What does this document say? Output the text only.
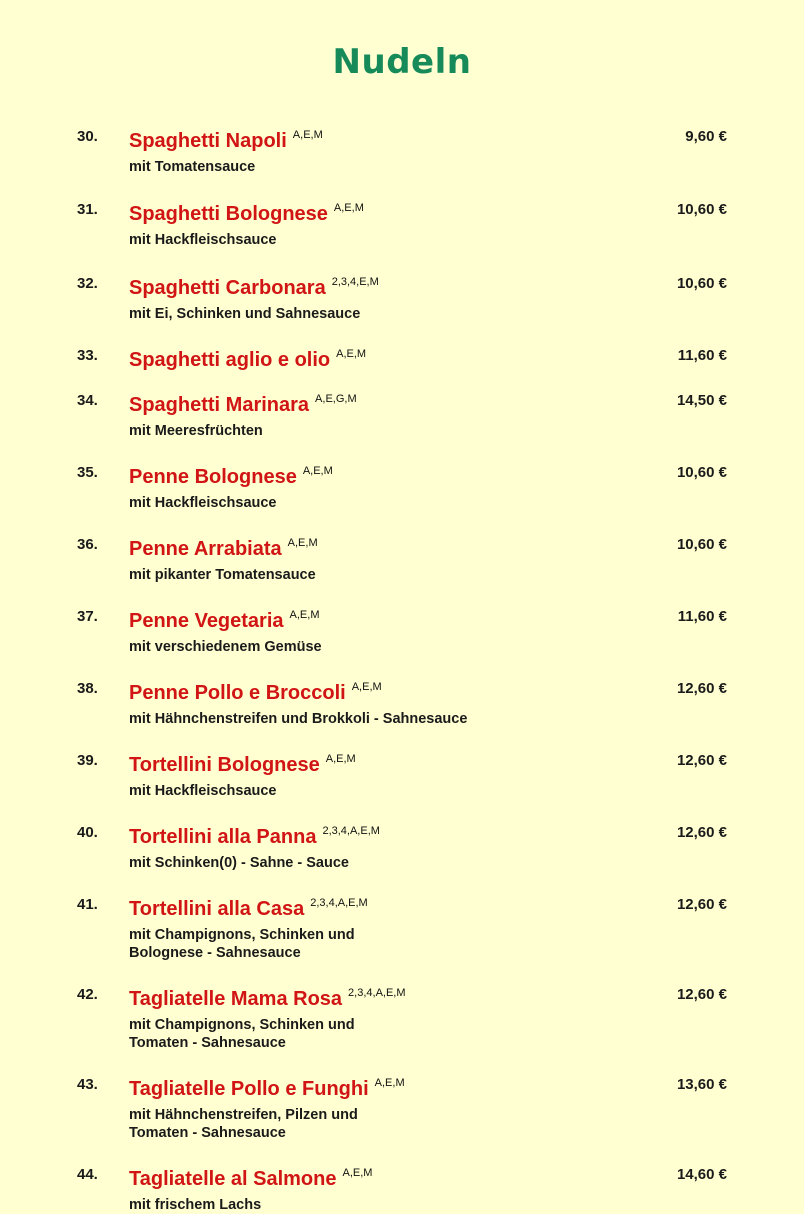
Nudeln
30.	Spaghetti Napoli $^{A,E,M}$
mit Tomatensauce
9,60 €
31.	Spaghetti Bolognese $^{A,E,M}$
mit Hackfleischsauce
10,60 €
32.	Spaghetti Carbonara $^{2,3,4,E,M}$
mit Ei, Schinken und Sahnesauce
10,60 €
33.	Spaghetti aglio e olio $^{A,E,M}$	11,60 €
34.	Spaghetti Marinara $^{A,E,G,M}$
mit Meeresfrüchten
14,50 €
35.	Penne Bolognese $^{A,E,M}$
mit Hackfleischsauce
10,60 €
36.	Penne Arrabiata $^{A,E,M}$
mit pikanter Tomatensauce
10,60 €
37.	Penne Vegetaria $^{A,E,M}$
mit verschiedenem Gemüse
11,60 €
38.	Penne Pollo e Broccoli $^{A,E,M}$
mit Hähnchenstreifen und Brokkoli - Sahnesauce
12,60 €
39.	Tortellini Bolognese $^{A,E,M}$
mit Hackfleischsauce
12,60 €
40.	Tortellini alla Panna $^{2,3,4,A,E,M}$
mit Schinken(0) - Sahne - Sauce
12,60 €
41.	Tortellini alla Casa $^{2,3,4,A,E,M}$
mit Champignons, Schinken und
Bolognese - Sahnesauce
12,60 €
42.	Tagliatelle Mama Rosa $^{2,3,4,A,E,M}$
mit Champignons, Schinken und
Tomaten - Sahnesauce
12,60 €
43.	Tagliatelle Pollo e Funghi $^{A,E,M}$
mit Hähnchenstreifen, Pilzen und
Tomaten - Sahnesauce
13,60 €
44.	Tagliatelle al Salmone $^{A,E,M}$
mit frischem Lachs
14,60 €
